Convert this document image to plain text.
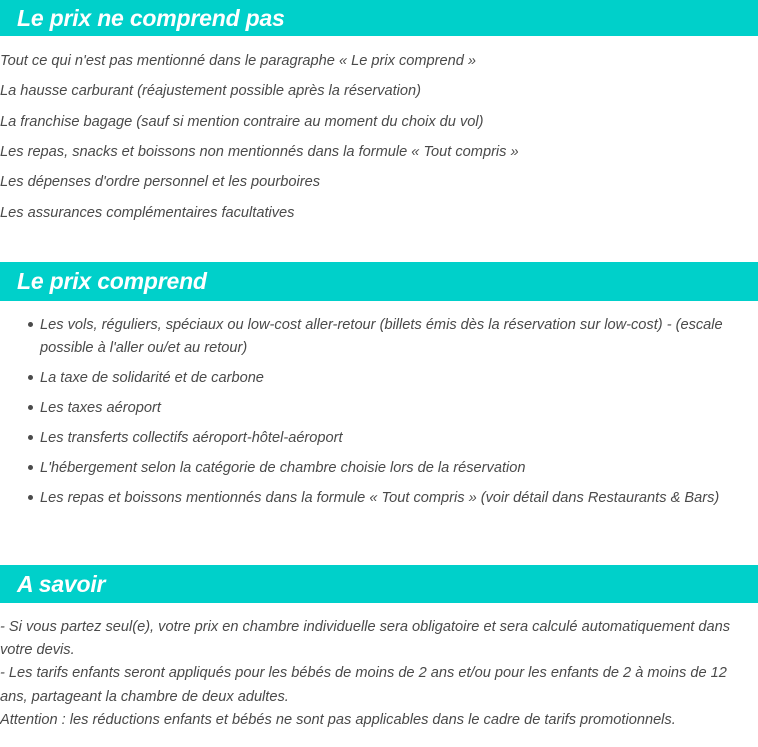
Le prix ne comprend pas
Tout ce qui n'est pas mentionné dans le paragraphe « Le prix comprend »
La hausse carburant (réajustement possible après la réservation)
La franchise bagage (sauf si mention contraire au moment du choix du vol)
Les repas, snacks et boissons non mentionnés dans la formule « Tout compris »
Les dépenses d'ordre personnel et les pourboires
Les assurances complémentaires facultatives
Le prix comprend
Les vols, réguliers, spéciaux ou low-cost aller-retour (billets émis dès la réservation sur low-cost) - (escale possible à l'aller ou/et au retour)
La taxe de solidarité et de carbone
Les taxes aéroport
Les transferts collectifs aéroport-hôtel-aéroport
L'hébergement selon la catégorie de chambre choisie lors de la réservation
Les repas et boissons mentionnés dans la formule « Tout compris » (voir détail dans Restaurants & Bars)
A savoir
- Si vous partez seul(e), votre prix en chambre individuelle sera obligatoire et sera calculé automatiquement dans votre devis.
- Les tarifs enfants seront appliqués pour les bébés de moins de 2 ans et/ou pour les enfants de 2 à moins de 12 ans, partageant la chambre de deux adultes.
Attention : les réductions enfants et bébés ne sont pas applicables dans le cadre de tarifs promotionnels.
